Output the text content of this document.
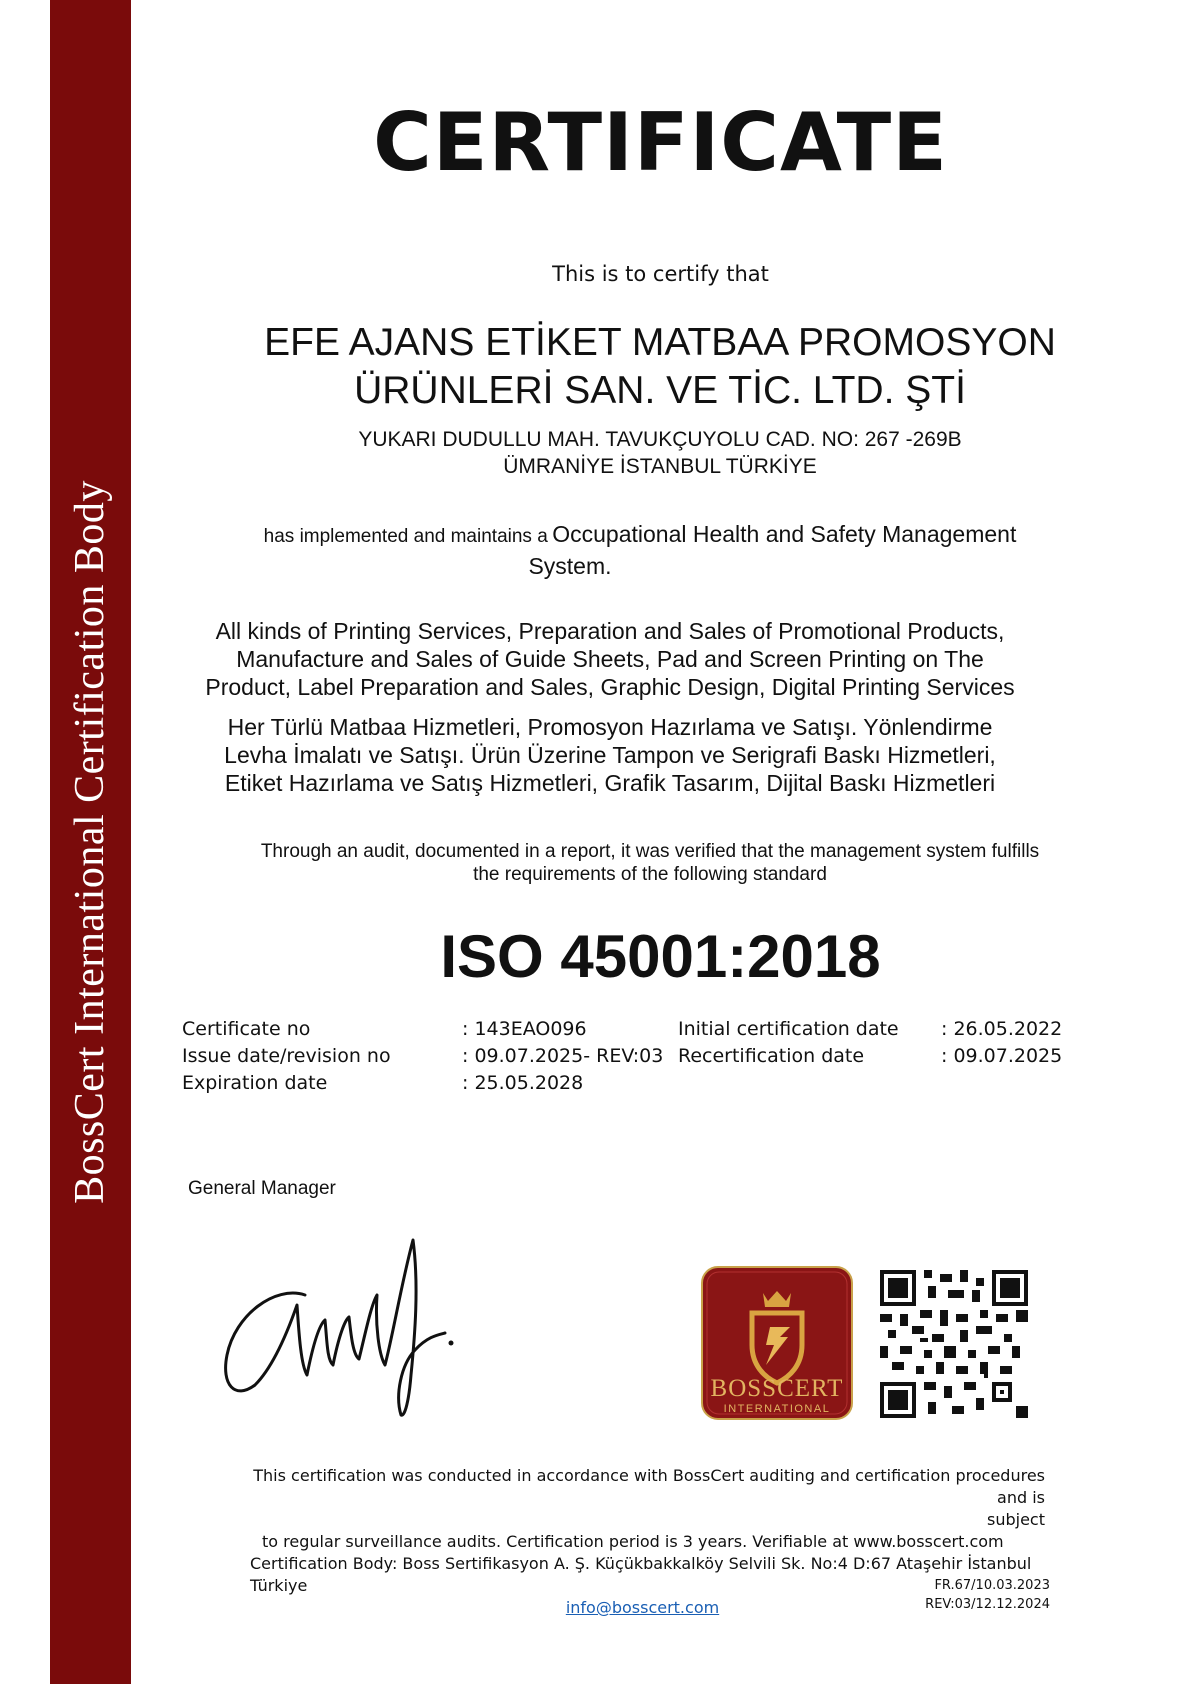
BossCert International Certification Body
CERTIFICATE
This is to certify that
EFE AJANS ETİKET MATBAA PROMOSYON
ÜRÜNLERİ SAN. VE TİC. LTD. ŞTİ
YUKARI DUDULLU MAH. TAVUKÇUYOLU CAD. NO: 267 -269B
ÜMRANİYE İSTANBUL TÜRKİYE
has implemented and maintains a Occupational Health and Safety Management
System.
All kinds of Printing Services, Preparation and Sales of Promotional Products,
Manufacture and Sales of Guide Sheets, Pad and Screen Printing on The
Product, Label Preparation and Sales, Graphic Design, Digital Printing Services
Her Türlü Matbaa Hizmetleri, Promosyon Hazırlama ve Satışı. Yönlendirme
Levha İmalatı ve Satışı. Ürün Üzerine Tampon ve Serigrafi Baskı Hizmetleri,
Etiket Hazırlama ve Satış Hizmetleri, Grafik Tasarım, Dijital Baskı Hizmetleri
Through an audit, documented in a report, it was verified that the management system fulfills
the requirements of the following standard
ISO 45001:2018
Certificate no
Issue date/revision no
Expiration date
: 143EAO096
: 09.07.2025- REV:03
: 25.05.2028
Initial certification date
Recertification date
: 26.05.2022
: 09.07.2025
General Manager
BOSSCERT
INTERNATIONAL
This certification was conducted in accordance with BossCert auditing and certification procedures and is
subject
to regular surveillance audits. Certification period is 3 years. Verifiable at www.bosscert.com
Certification Body: Boss Sertifikasyon A. Ş. Küçükbakkalköy Selvili Sk. No:4 D:67 Ataşehir İstanbul Türkiye
info@bosscert.com
FR.67/10.03.2023
REV:03/12.12.2024
